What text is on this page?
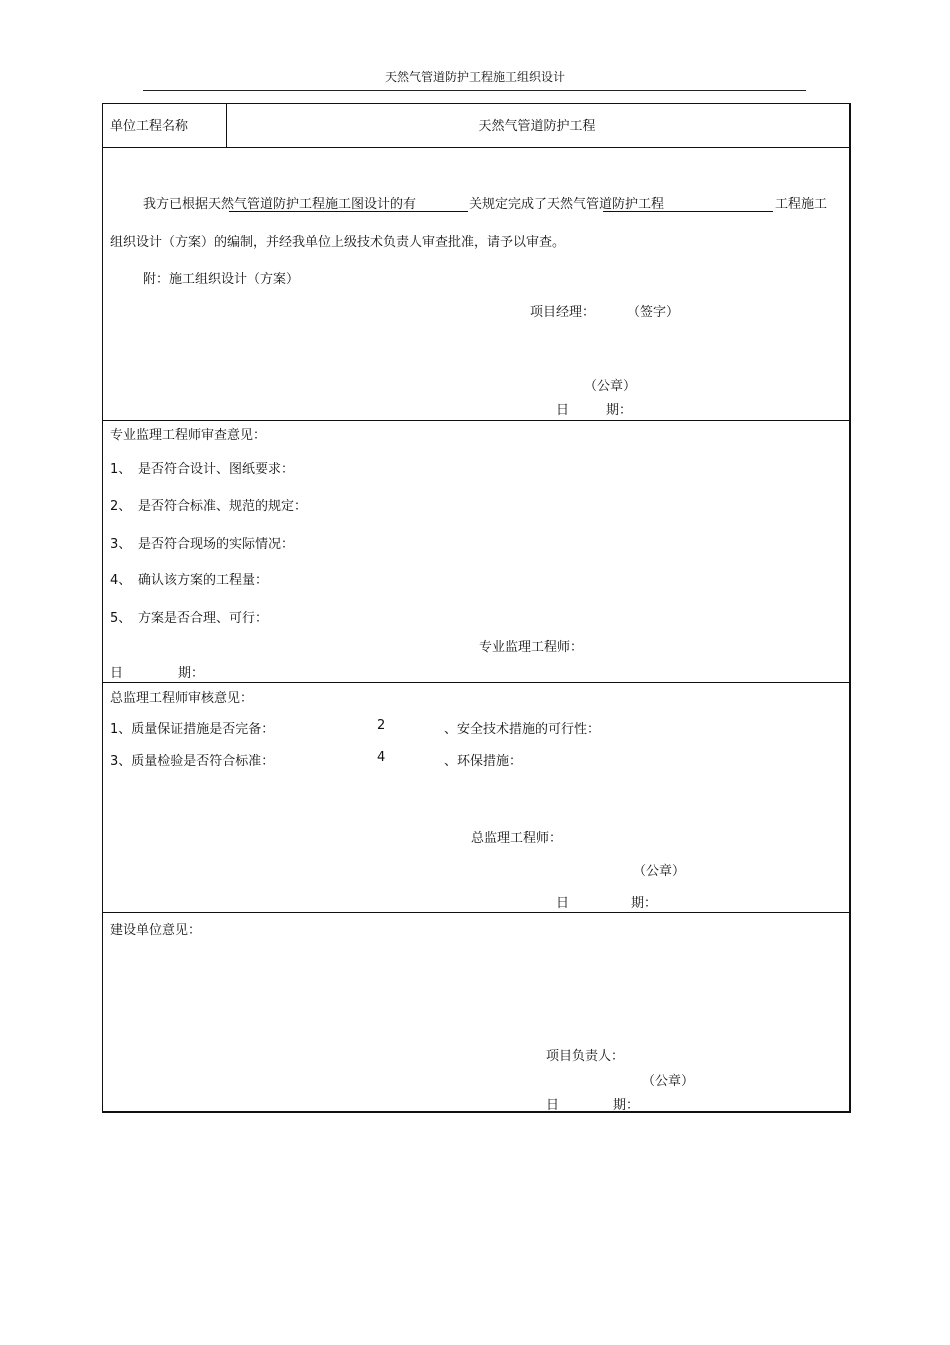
天然气管道防护工程施工组织设计
单位工程名称	天然气管道防护工程
我方已根据 天然气管道防护工程施工图设计的有	关规定完成了 天然气管道防护工程	工程施工
组织设计（方案）的编制，并经我单位上级技术负责人审查批准，请予以审查。
附：施工组织设计（方案）
项目经理： （签字）
（公章）
日	期：
专业监理工程师审查意见：
1、 是否符合设计、图纸要求：
2、 是否符合标准、规范的规定：
3、 是否符合现场的实际情况：
4、 确认该方案的工程量：
5、 方案是否合理、可行：
专业监理工程师：
日	期：
总监理工程师审核意见：
1、质量保证措施是否完备：	2	、安全技术措施的可行性：
3、质量检验是否符合标准：	4	、环保措施：
总监理工程师：
（公章）
日	期：
建设单位意见：
项目负责人：
（公章）
日	期：
